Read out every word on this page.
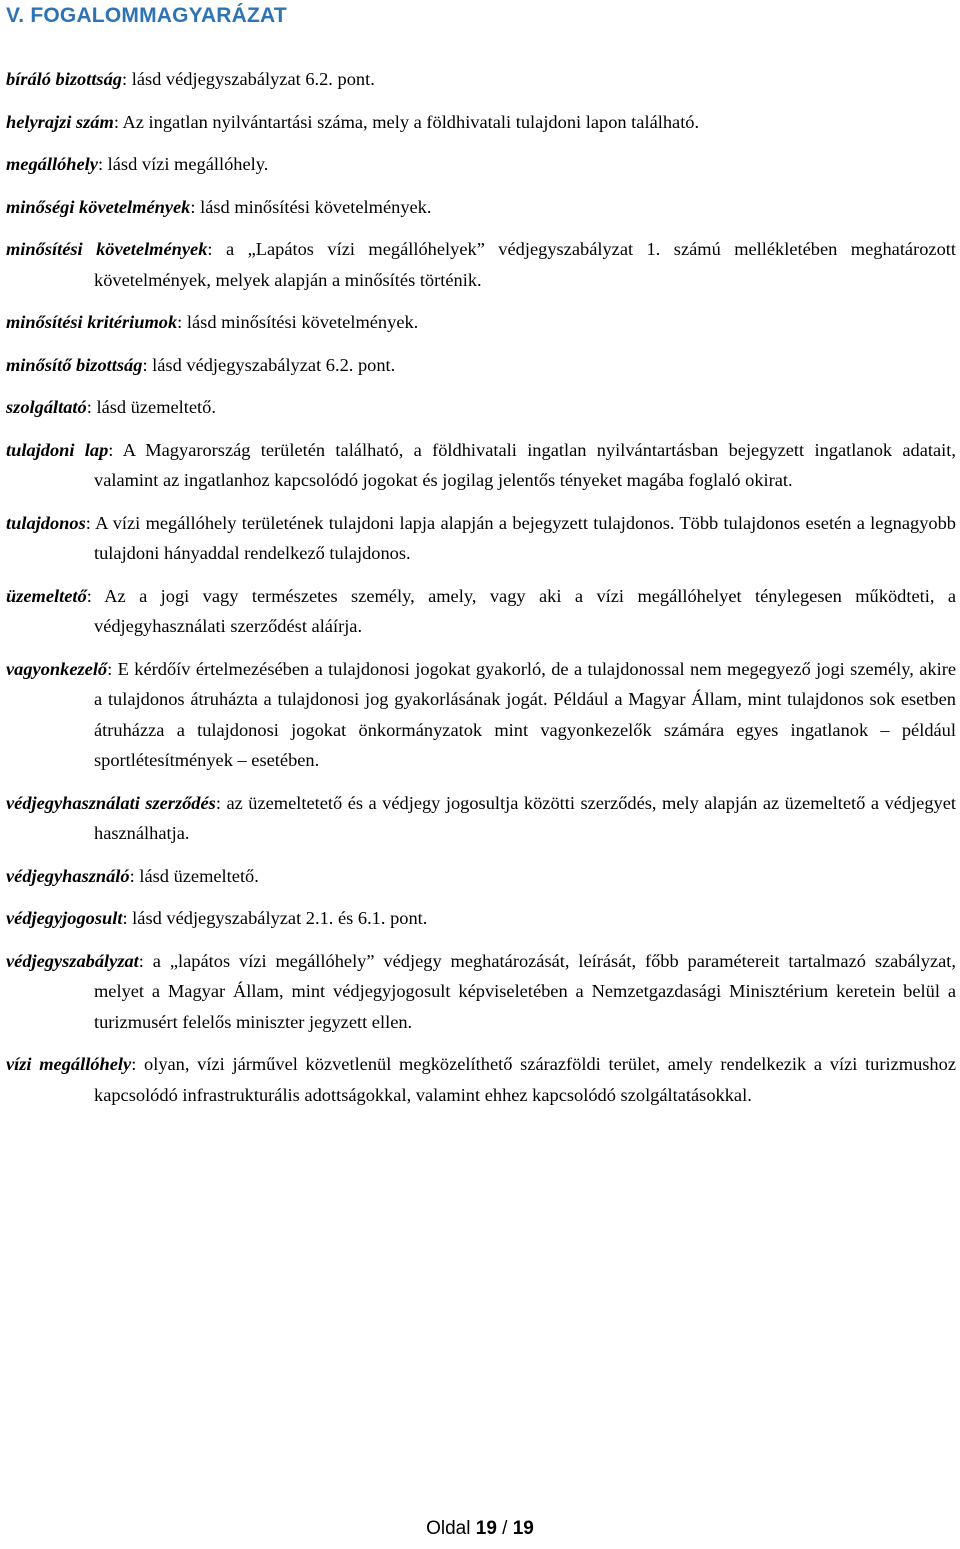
V. FOGALOMMAGYARÁZAT

bíráló bizottság: lásd védjegyszabályzat 6.2. pont.

helyrajzi szám: Az ingatlan nyilvántartási száma, mely a földhivatali tulajdoni lapon található.

megállóhely: lásd vízi megállóhely.

minőségi követelmények: lásd minősítési követelmények.

minősítési követelmények: a „Lapátos vízi megállóhelyek” védjegyszabályzat 1. számú mellékletében meghatározott követelmények, melyek alapján a minősítés történik.

minősítési kritériumok: lásd minősítési követelmények.

minősítő bizottság: lásd védjegyszabályzat 6.2. pont.

szolgáltató: lásd üzemeltető.

tulajdoni lap: A Magyarország területén található, a földhivatali ingatlan nyilvántartásban bejegyzett ingatlanok adatait, valamint az ingatlanhoz kapcsolódó jogokat és jogilag jelentős tényeket magába foglaló okirat.

tulajdonos: A vízi megállóhely területének tulajdoni lapja alapján a bejegyzett tulajdonos. Több tulajdonos esetén a legnagyobb tulajdoni hányaddal rendelkező tulajdonos.

üzemeltető: Az a jogi vagy természetes személy, amely, vagy aki a vízi megállóhelyet ténylegesen működteti, a védjegyhasználati szerződést aláírja.

vagyonkezelő: E kérdőív értelmezésében a tulajdonosi jogokat gyakorló, de a tulajdonossal nem megegyező jogi személy, akire a tulajdonos átruházta a tulajdonosi jog gyakorlásának jogát. Például a Magyar Állam, mint tulajdonos sok esetben átruházza a tulajdonosi jogokat önkormányzatok mint vagyonkezelők számára egyes ingatlanok – például sportlétesítmények – esetében.

védjegyhasználati szerződés: az üzemeltetető és a védjegy jogosultja közötti szerződés, mely alapján az üzemeltető a védjegyet használhatja.

védjegyhasználó: lásd üzemeltető.

védjegyjogosult: lásd védjegyszabályzat 2.1. és 6.1. pont.

védjegyszabályzat: a „lapátos vízi megállóhely” védjegy meghatározását, leírását, főbb paramétereit tartalmazó szabályzat, melyet a Magyar Állam, mint védjegyjogosult képviseletében a Nemzetgazdasági Minisztérium keretein belül a turizmusért felelős miniszter jegyzett ellen.

vízi megállóhely: olyan, vízi járművel közvetlenül megközelíthető szárazföldi terület, amely rendelkezik a vízi turizmushoz kapcsolódó infrastrukturális adottságokkal, valamint ehhez kapcsolódó szolgáltatásokkal.

Oldal 19 / 19
